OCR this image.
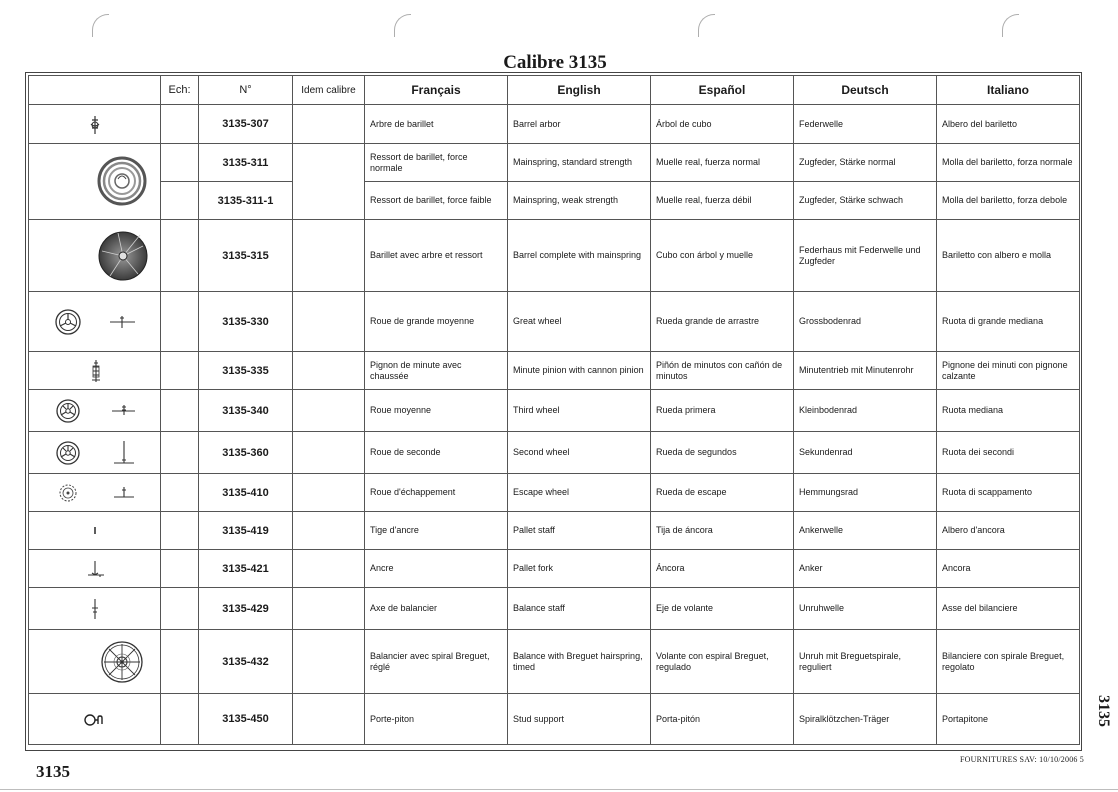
Calibre 3135
	Ech:	N°	Idem calibre	Français	English	Español	Deutsch	Italiano

		3135-307		Arbre de barillet	Barrel arbor	Árbol de cubo	Federwelle	Albero del bariletto

		3135-311		Ressort de barillet, force normale	Mainspring, standard strength	Muelle real, fuerza normal	Zugfeder, Stärke normal	Molla del bariletto, forza normale
		3135-311-1		Ressort de barillet, force faible	Mainspring, weak strength	Muelle real, fuerza débil	Zugfeder, Stärke schwach	Molla del bariletto, forza debole

		3135-315		Barillet avec arbre et ressort	Barrel complete with mainspring	Cubo con árbol y muelle	Federhaus mit Federwelle und Zugfeder	Bariletto con albero e molla

		3135-330		Roue de grande moyenne	Great wheel	Rueda grande de arrastre	Grossbodenrad	Ruota di grande mediana

		3135-335		Pignon de minute avec chaussée	Minute pinion with cannon pinion	Piñón de minutos con cañón de minutos	Minutentrieb mit Minutenrohr	Pignone dei minuti con pignone calzante

		3135-340		Roue moyenne	Third wheel	Rueda primera	Kleinbodenrad	Ruota mediana

		3135-360		Roue de seconde	Second wheel	Rueda de segundos	Sekundenrad	Ruota dei secondi

		3135-410		Roue d'échappement	Escape wheel	Rueda de escape	Hemmungsrad	Ruota di scappamento

		3135-419		Tige d'ancre	Pallet staff	Tija de áncora	Ankerwelle	Albero d'ancora

		3135-421		Ancre	Pallet fork	Áncora	Anker	Ancora

		3135-429		Axe de balancier	Balance staff	Eje de volante	Unruhwelle	Asse del bilanciere

		3135-432		Balancier avec spiral Breguet, réglé	Balance with Breguet hairspring, timed	Volante con espiral Breguet, regulado	Unruh mit Breguetspirale, reguliert	Bilanciere con spirale Breguet, regolato

		3135-450		Porte-piton	Stud support	Porta-pitón	Spiralklötzchen-Träger	Portapitone	3135
3135
FOURNITURES SAV: 10/10/2006 5
